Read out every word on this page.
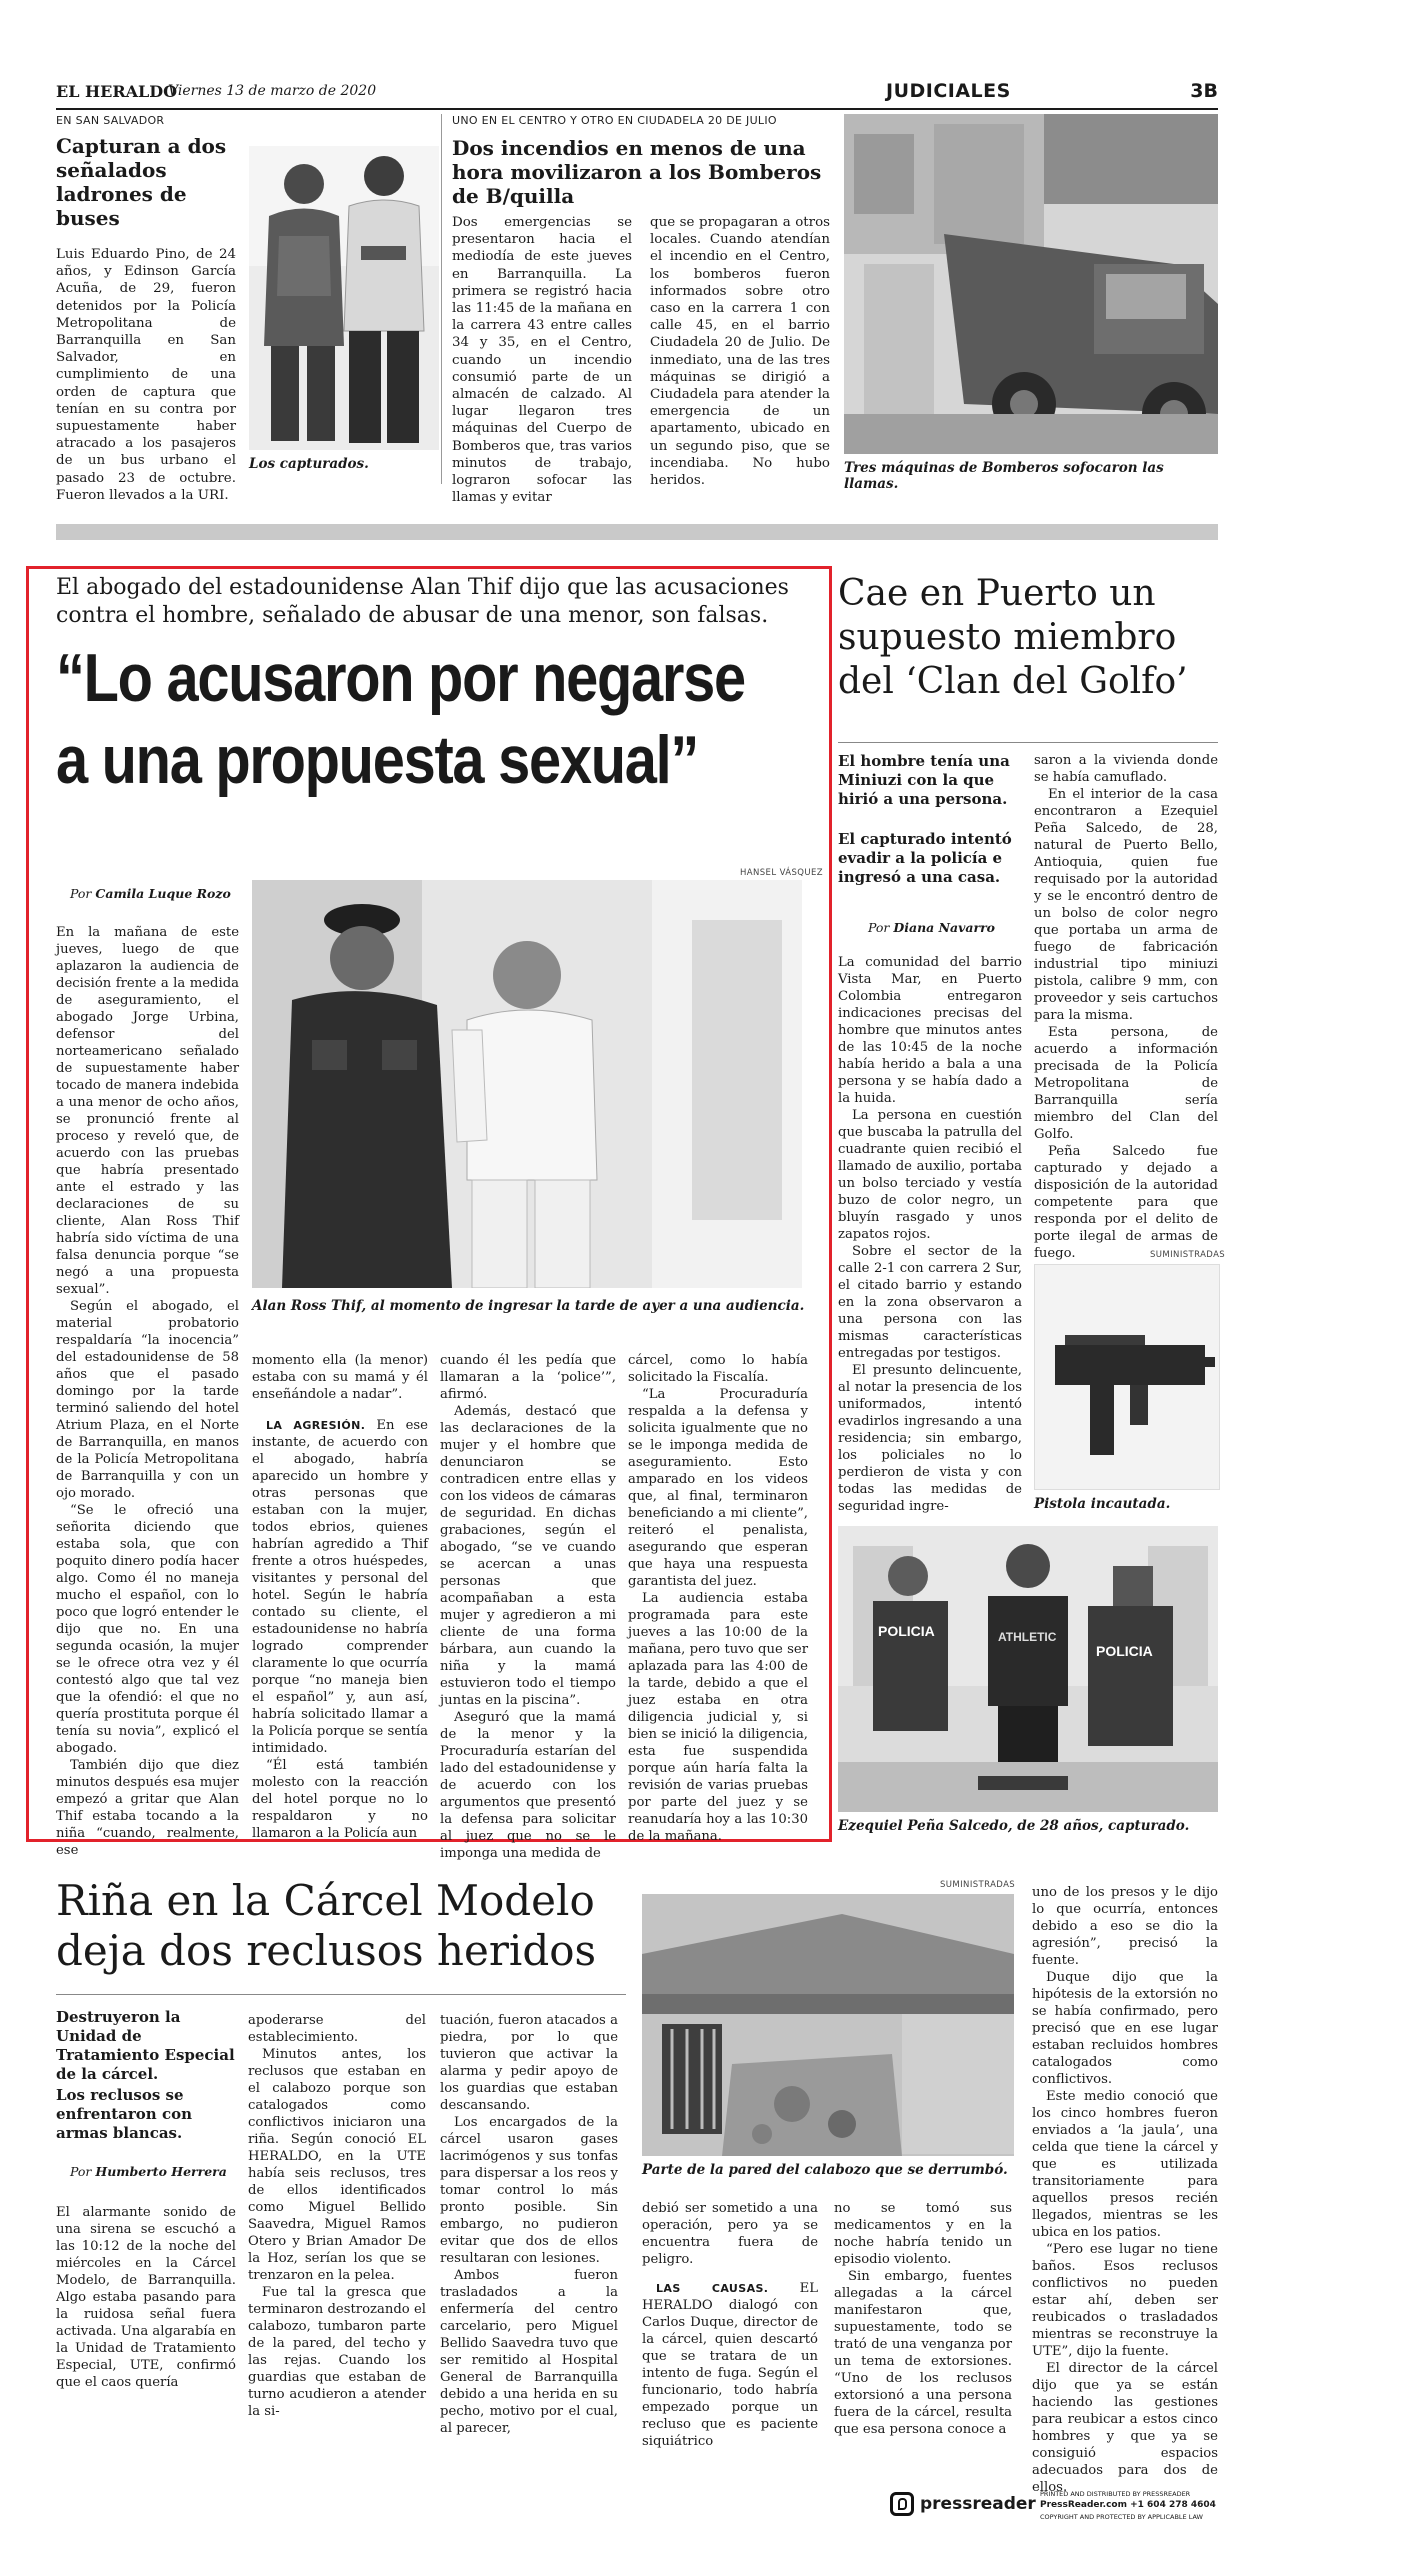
EL HERALDO
Viernes 13 de marzo de 2020	JUDICIALES	3B
EN SAN SALVADOR
Capturan a dos señalados ladrones de buses
Luis Eduardo Pino, de 24 años, y Edinson García Acuña, de 29, fueron detenidos por la Policía Metropolitana de Barranquilla en San Salvador, en cumplimiento de una orden de captura que tenían en su contra por supuestamente haber atracado a los pasajeros de un bus urbano el pasado 23 de octubre. Fueron llevados a la URI.
Los capturados.
UNO EN EL CENTRO Y OTRO EN CIUDADELA 20 DE JULIO
Dos incendios en menos de una hora movilizaron a los Bomberos de B/quilla
Dos emergencias se presentaron hacia el mediodía de este jueves en Barranquilla. La primera se registró hacia las 11:45 de la mañana en la carrera 43 entre calles 34 y 35, en el Centro, cuando un incendio consumió parte de un almacén de calzado. Al lugar llegaron tres máquinas del Cuerpo de Bomberos que, tras varios minutos de trabajo, lograron sofocar las llamas y evitar
que se propagaran a otros locales. Cuando atendían el incendio en el Centro, los bomberos fueron informados sobre otro caso en la carrera 1 con calle 45, en el barrio Ciudadela 20 de Julio. De inmediato, una de las tres máquinas se dirigió a Ciudadela para atender la emergencia de un apartamento, ubicado en un segundo piso, que se incendiaba. No hubo heridos.
Tres máquinas de Bomberos sofocaron las llamas.
El abogado del estadounidense Alan Thif dijo que las acusaciones contra el hombre, señalado de abusar de una menor, son falsas.
“Lo acusaron por negarse
a una propuesta sexual”
HANSEL VÁSQUEZ
Por Camila Luque Rozo
Alan Ross Thif, al momento de ingresar la tarde de ayer a una audiencia.

En la mañana de este jueves, luego de que aplazaron la audiencia de decisión frente a la medida de aseguramiento, el abogado Jorge Urbina, defensor del norteamericano señalado de supuestamente haber tocado de manera indebida a una menor de ocho años, se pronunció frente al proceso y reveló que, de acuerdo con las pruebas que habría presentado ante el estrado y las declaraciones de su cliente, Alan Ross Thif habría sido víctima de una falsa denuncia porque “se negó a una propuesta sexual”.

Según el abogado, el material probatorio respaldaría “la inocencia” del estadounidense de 58 años que el pasado domingo por la tarde terminó saliendo del hotel Atrium Plaza, en el Norte de Barranquilla, en manos de la Policía Metropolitana de Barranquilla y con un ojo morado.

“Se le ofreció una señorita diciendo que estaba sola, que con poquito dinero podía hacer algo. Como él no maneja mucho el español, con lo poco que logró entender le dijo que no. En una segunda ocasión, la mujer se le ofrece otra vez y él contestó algo que tal vez que la ofendió: el que no quería prostituta porque él tenía su novia”, explicó el abogado.

También dijo que diez minutos después esa mujer empezó a gritar que Alan Thif estaba tocando a la niña “cuando, realmente, ese

momento ella (la menor) estaba con su mamá y él enseñándole a nadar”.

LA AGRESIÓN. En ese instante, de acuerdo con el abogado, habría aparecido un hombre y otras personas que estaban con la mujer, todos ebrios, quienes habrían agredido a Thif frente a otros huéspedes, visitantes y personal del hotel. Según le habría contado su cliente, el estadounidense no habría logrado comprender claramente lo que ocurría porque “no maneja bien el español” y, aun así, habría solicitado llamar a la Policía porque se sentía intimidado.

“Él está también molesto con la reacción del hotel porque no lo respaldaron y no llamaron a la Policía aun

cuando él les pedía que llamaran a la ‘police’”, afirmó.

Además, destacó que las declaraciones de la mujer y el hombre que denunciaron se contradicen entre ellas y con los videos de cámaras de seguridad. En dichas grabaciones, según el abogado, “se ve cuando se acercan a unas personas que acompañaban a esta mujer y agredieron a mi cliente de una forma bárbara, aun cuando la niña y la mamá estuvieron todo el tiempo juntas en la piscina”.

Aseguró que la mamá de la menor y la Procuraduría estarían del lado del estadounidense y de acuerdo con los argumentos que presentó la defensa para solicitar al juez que no se le imponga una medida de

cárcel, como lo había solicitado la Fiscalía.

“La Procuraduría respalda a la defensa y solicita igualmente que no se le imponga medida de aseguramiento. Esto amparado en los videos que, al final, terminaron beneficiando a mi cliente”, reiteró el penalista, asegurando que esperan que haya una respuesta garantista del juez.

La audiencia estaba programada para este jueves a las 10:00 de la mañana, pero tuvo que ser aplazada para las 4:00 de la tarde, debido a que el juez estaba en otra diligencia judicial y, si bien se inició la diligencia, esta fue suspendida porque aún haría falta la revisión de varias pruebas por parte del juez y se reanudaría hoy a las 10:30 de la mañana.

Cae en Puerto un supuesto miembro del ‘Clan del Golfo’
El hombre tenía una Miniuzi con la que hirió a una persona.
El capturado intentó evadir a la policía e ingresó a una casa.
Por Diana Navarro

La comunidad del barrio Vista Mar, en Puerto Colombia entregaron indicaciones precisas del hombre que minutos antes de las 10:45 de la noche había herido a bala a una persona y se había dado a la huida.

La persona en cuestión que buscaba la patrulla del cuadrante quien recibió el llamado de auxilio, portaba un bolso terciado y vestía buzo de color negro, un bluyín rasgado y unos zapatos rojos.

Sobre el sector de la calle 2-1 con carrera 2 Sur, el citado barrio y estando en la zona observaron a una persona con las mismas características entregadas por testigos.

El presunto delincuente, al notar la presencia de los uniformados, intentó evadirlos ingresando a una residencia; sin embargo, los policiales no lo perdieron de vista y con todas las medidas de seguridad ingre-

saron a la vivienda donde se había camuflado.

En el interior de la casa encontraron a Ezequiel Peña Salcedo, de 28, natural de Puerto Bello, Antioquia, quien fue requisado por la autoridad y se le encontró dentro de un bolso de color negro que portaba un arma de fuego de fabricación industrial tipo miniuzi pistola, calibre 9 mm, con proveedor y seis cartuchos para la misma.

Esta persona, de acuerdo a información precisada de la Policía Metropolitana de Barranquilla sería miembro del Clan del Golfo.

Peña Salcedo fue capturado y dejado a disposición de la autoridad competente para que responda por el delito de porte ilegal de armas de fuego.	SUMINISTRADAS
Pistola incautada.
POLICIA
POLICIA
ATHLETIC
Ezequiel Peña Salcedo, de 28 años, capturado.
Riña en la Cárcel Modelo deja dos reclusos heridos
Destruyeron la Unidad de Tratamiento Especial de la cárcel.
Los reclusos se enfrentaron con armas blancas.
Por Humberto Herrera
SUMINISTRADAS
Parte de la pared del calabozo que se derrumbó.

El alarmante sonido de una sirena se escuchó a las 10:12 de la noche del miércoles en la Cárcel Modelo, de Barranquilla. Algo estaba pasando para la ruidosa señal fuera activada. Una algarabía en la Unidad de Tratamiento Especial, UTE, confirmó que el caos quería

apoderarse del establecimiento.

Minutos antes, los reclusos que estaban en el calabozo porque son catalogados como conflictivos iniciaron una riña. Según conoció EL HERALDO, en la UTE había seis reclusos, tres de ellos identificados como Miguel Bellido Saavedra, Miguel Ramos Otero y Brian Amador De la Hoz, serían los que se trenzaron en la pelea.

Fue tal la gresca que terminaron destrozando el calabozo, tumbaron parte de la pared, del techo y las rejas. Cuando los guardias que estaban de turno acudieron a atender la si-

tuación, fueron atacados a piedra, por lo que tuvieron que activar la alarma y pedir apoyo de los guardias que estaban descansando.

Los encargados de la cárcel usaron gases lacrimógenos y sus tonfas para dispersar a los reos y tomar control lo más pronto posible. Sin embargo, no pudieron evitar que dos de ellos resultaran con lesiones.

Ambos fueron trasladados a la enfermería del centro carcelario, pero Miguel Bellido Saavedra tuvo que ser remitido al Hospital General de Barranquilla debido a una herida en su pecho, motivo por el cual, al parecer,

debió ser sometido a una operación, pero ya se encuentra fuera de peligro.

LAS CAUSAS. EL HERALDO dialogó con Carlos Duque, director de la cárcel, quien descartó que se tratara de un intento de fuga. Según el funcionario, todo habría empezado porque un recluso que es paciente siquiátrico

no se tomó sus medicamentos y en la noche habría tenido un episodio violento.

Sin embargo, fuentes allegadas a la cárcel manifestaron que, supuestamente, todo se trató de una venganza por un tema de extorsiones. “Uno de los reclusos extorsionó a una persona fuera de la cárcel, resulta que esa persona conoce a

uno de los presos y le dijo lo que ocurría, entonces debido a eso se dio la agresión”, precisó la fuente.

Duque dijo que la hipótesis de la extorsión no se había confirmado, pero precisó que en ese lugar estaban recluidos hombres catalogados como conflictivos.

Este medio conoció que los cinco hombres fueron enviados a ‘la jaula’, una celda que tiene la cárcel y que es utilizada transitoriamente para aquellos presos recién llegados, mientras se les ubica en los patios.

“Pero ese lugar no tiene baños. Esos reclusos conflictivos no pueden estar ahí, deben ser reubicados o trasladados mientras se reconstruye la UTE”, dijo la fuente.

El director de la cárcel dijo que ya se están haciendo las gestiones para reubicar a estos cinco hombres y que ya se consiguió espacios adecuados para dos de ellos.

pressreader PRINTED AND DISTRIBUTED BY PRESSREADER
PressReader.com +1 604 278 4604
COPYRIGHT AND PROTECTED BY APPLICABLE LAW
